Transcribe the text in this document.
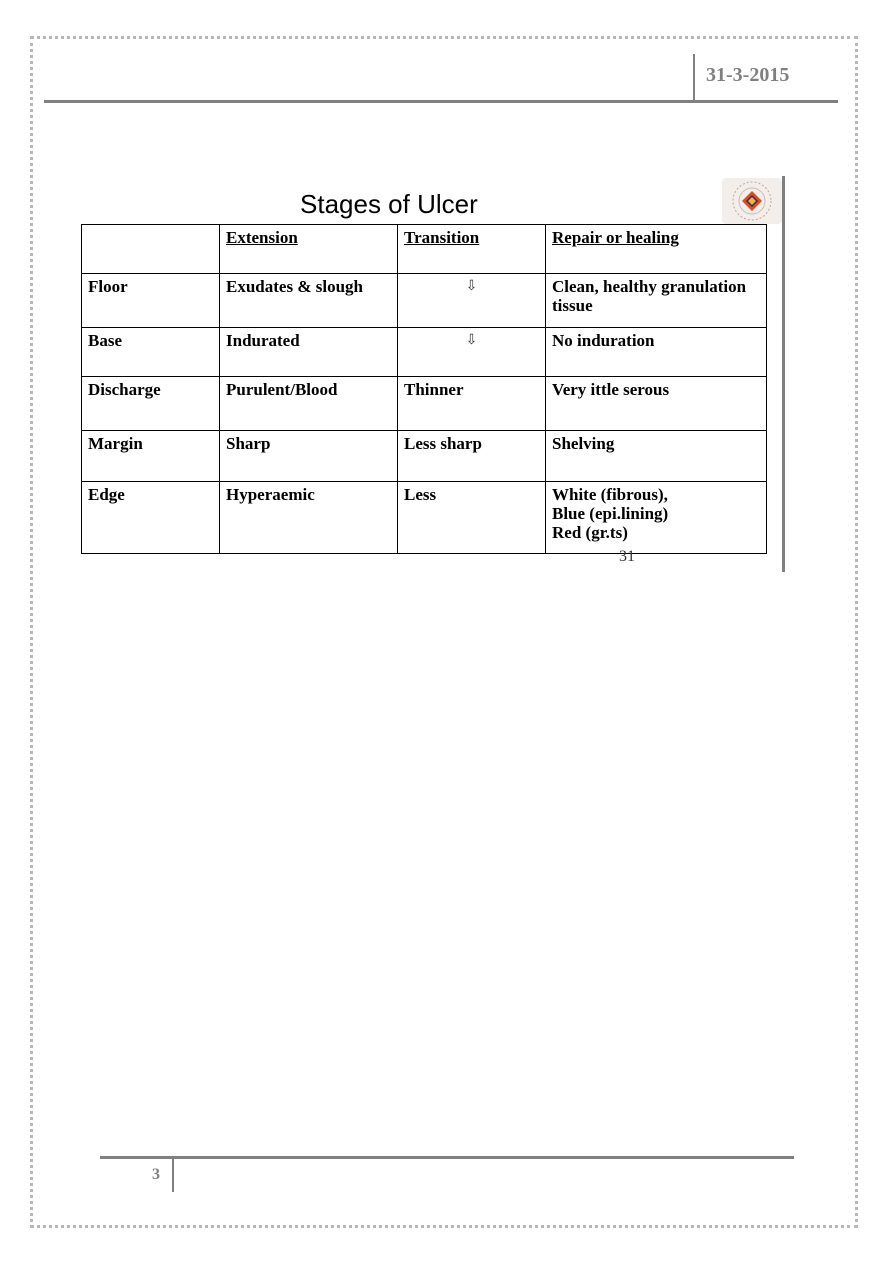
31-3-2015
Stages of Ulcer
	Extension	Transition	Repair or healing
Floor	Exudates & slough	⇩	Clean, healthy granulation tissue
Base	Indurated	⇩	No induration
Discharge	Purulent/Blood	Thinner	Very ittle serous
Margin	Sharp	Less sharp	Shelving
Edge	Hyperaemic	Less	White (fibrous),
Blue (epi.lining)
Red (gr.ts)
31
3
